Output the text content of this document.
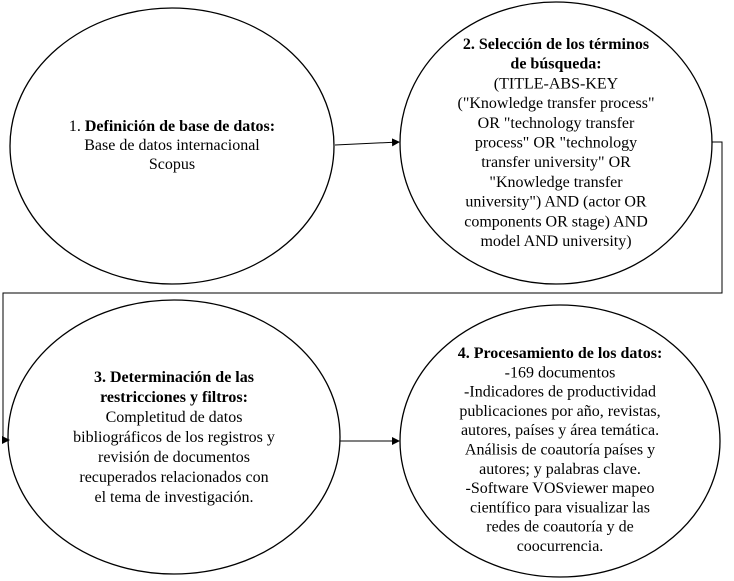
1. Definición de base de datos:
Base de datos internacional
Scopus
2. Selección de los términos
de búsqueda:
(TITLE-ABS-KEY
("Knowledge transfer process"
OR "technology transfer
process" OR "technology
transfer university" OR
"Knowledge transfer
university") AND (actor OR
components OR stage) AND
model AND university)
3. Determinación de las
restricciones y filtros:
Completitud de datos
bibliográficos de los registros y
revisión de documentos
recuperados relacionados con
el tema de investigación.
4. Procesamiento de los datos:
-169 documentos
-Indicadores de productividad
publicaciones por año, revistas,
autores, países y área temática.
Análisis de coautoría países y
autores; y palabras clave.
-Software VOSviewer mapeo
científico para visualizar las
redes de coautoría y de
coocurrencia.
